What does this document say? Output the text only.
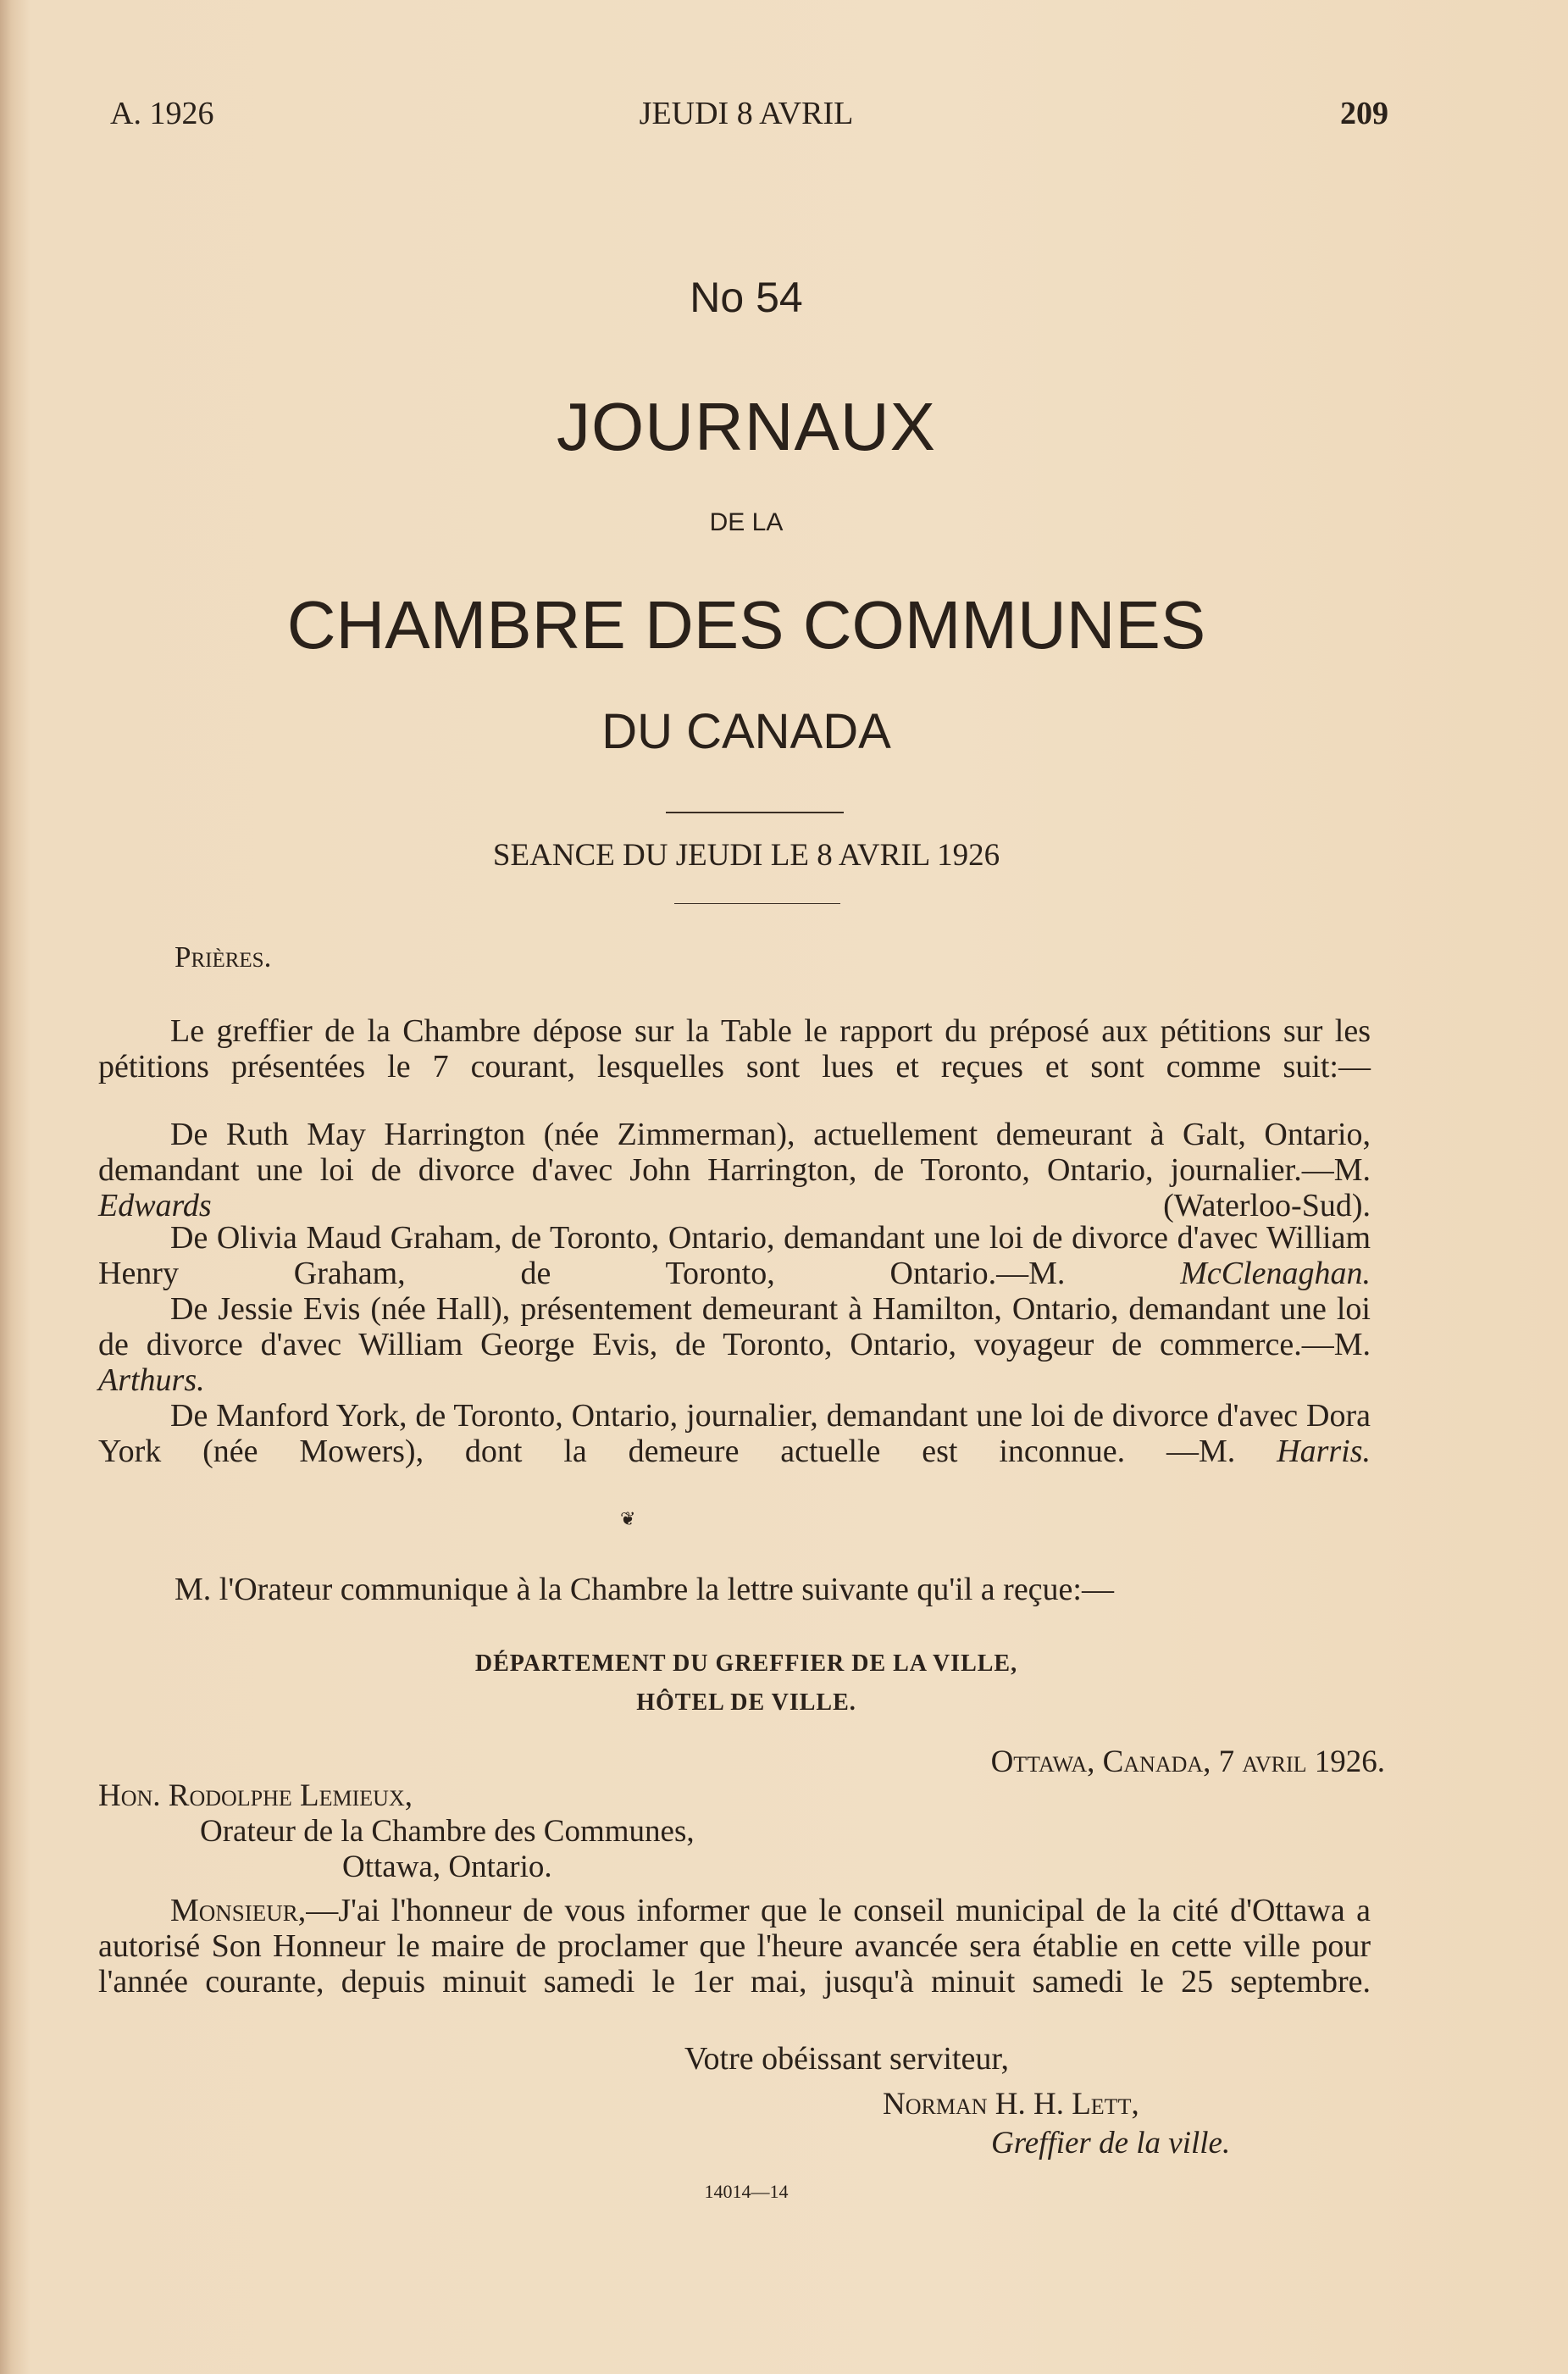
A. 1926	JEUDI 8 AVRIL	209
No 54
JOURNAUX
DE LA
CHAMBRE DES COMMUNES
DU CANADA
SEANCE DU JEUDI LE 8 AVRIL 1926
Prières.
Le greffier de la Chambre dépose sur la Table le rapport du préposé aux pétitions sur les pétitions présentées le 7 courant, lesquelles sont lues et reçues et sont comme suit:—
De Ruth May Harrington (née Zimmerman), actuellement demeurant à Galt, Ontario, demandant une loi de divorce d'avec John Harrington, de Toronto, Ontario, journalier.—M. Edwards (Waterloo-Sud).
De Olivia Maud Graham, de Toronto, Ontario, demandant une loi de divorce d'avec William Henry Graham, de Toronto, Ontario.—M. McClenaghan.
De Jessie Evis (née Hall), présentement demeurant à Hamilton, Ontario, demandant une loi de divorce d'avec William George Evis, de Toronto, Ontario, voyageur de commerce.—M. Arthurs.
De Manford York, de Toronto, Ontario, journalier, demandant une loi de divorce d'avec Dora York (née Mowers), dont la demeure actuelle est inconnue. —M. Harris.
❦
M. l'Orateur communique à la Chambre la lettre suivante qu'il a reçue:—
DÉPARTEMENT DU GREFFIER DE LA VILLE,
HÔTEL DE VILLE.
Ottawa, Canada, 7 avril 1926.
Hon. Rodolphe Lemieux,
Orateur de la Chambre des Communes,
Ottawa, Ontario.
Monsieur,—J'ai l'honneur de vous informer que le conseil municipal de la cité d'Ottawa a autorisé Son Honneur le maire de proclamer que l'heure avancée sera établie en cette ville pour l'année courante, depuis minuit samedi le 1er mai, jusqu'à minuit samedi le 25 septembre.
Votre obéissant serviteur,
Norman H. H. Lett,
Greffier de la ville.
14014—14
